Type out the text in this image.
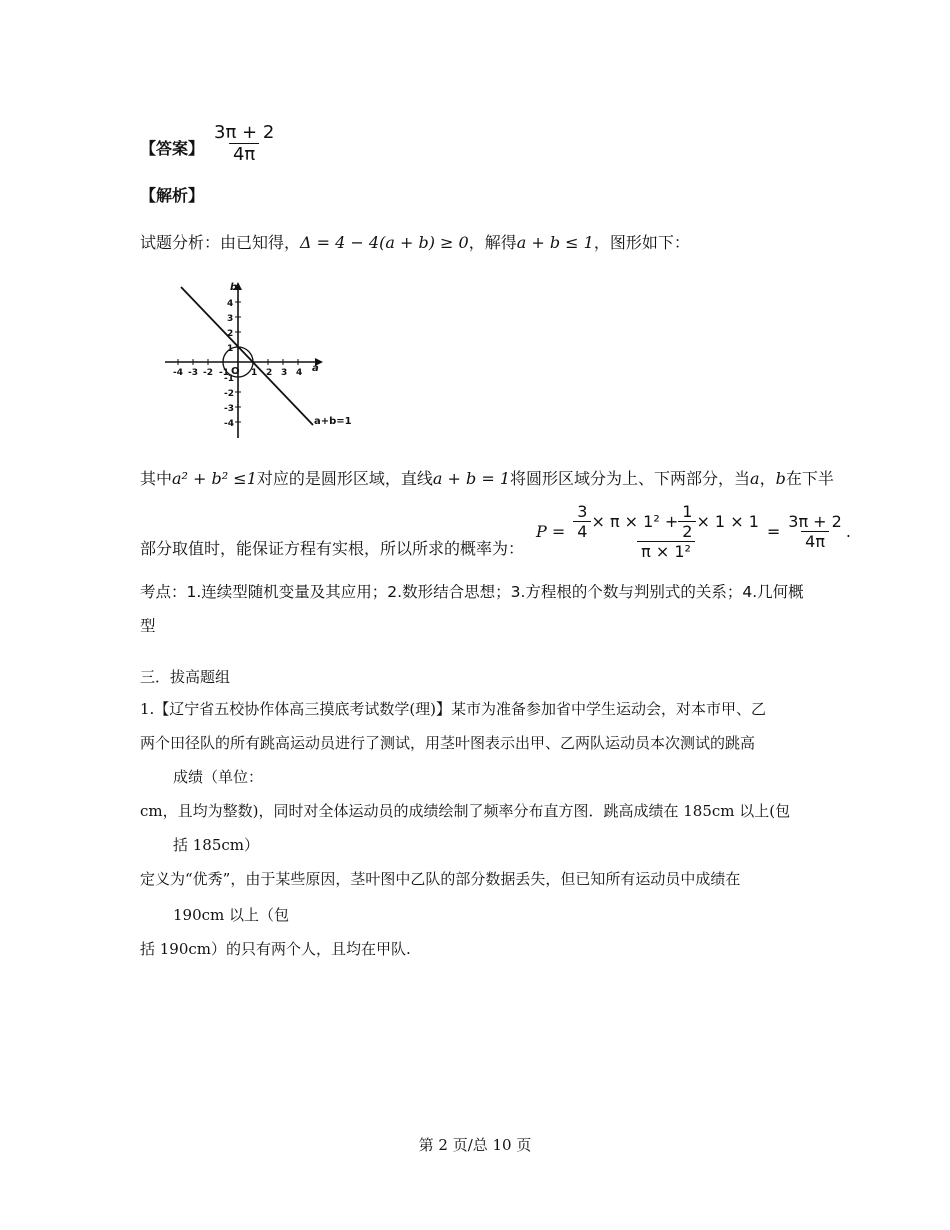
【答案】 $\frac{3\pi + 2}{4\pi}$
【解析】
试题分析：由已知得，Δ = 4 − 4(a + b) ≥ 0，解得a + b ≤ 1，图形如下：
-4 -3 -2 -1 1 2 3 4
4
3
2
1
-1
-2
-3
-4
O	a
b
a+b=1
其中a² + b² ≤1对应的是圆形区域，直线a + b = 1将圆形区域分为上、下两部分，当a，b在下半
部分取值时，能保证方程有实根，所以所求的概率为：
$P = \frac{\frac{3}{4} \times \pi \times 1^2 + \frac{1}{2} \times 1 \times 1}{\text{π × 1²}} = \frac{3\pi + 2}{4\pi}$ .
考点：1.连续型随机变量及其应用；2.数形结合思想；3.方程根的个数与判别式的关系；4.几何概
型
三．拔高题组
1.【辽宁省五校协作体高三摸底考试数学(理)】某市为准备参加省中学生运动会，对本市甲、乙
两个田径队的所有跳高运动员进行了测试，用茎叶图表示出甲、乙两队运动员本次测试的跳高
成绩（单位：
cm，且均为整数)，同时对全体运动员的成绩绘制了频率分布直方图．跳高成绩在 185cm 以上(包
括 185cm）
定义为“优秀”，由于某些原因，茎叶图中乙队的部分数据丢失，但已知所有运动员中成绩在
190cm 以上（包
括 190cm）的只有两个人，且均在甲队.
第 2 页/总 10 页
